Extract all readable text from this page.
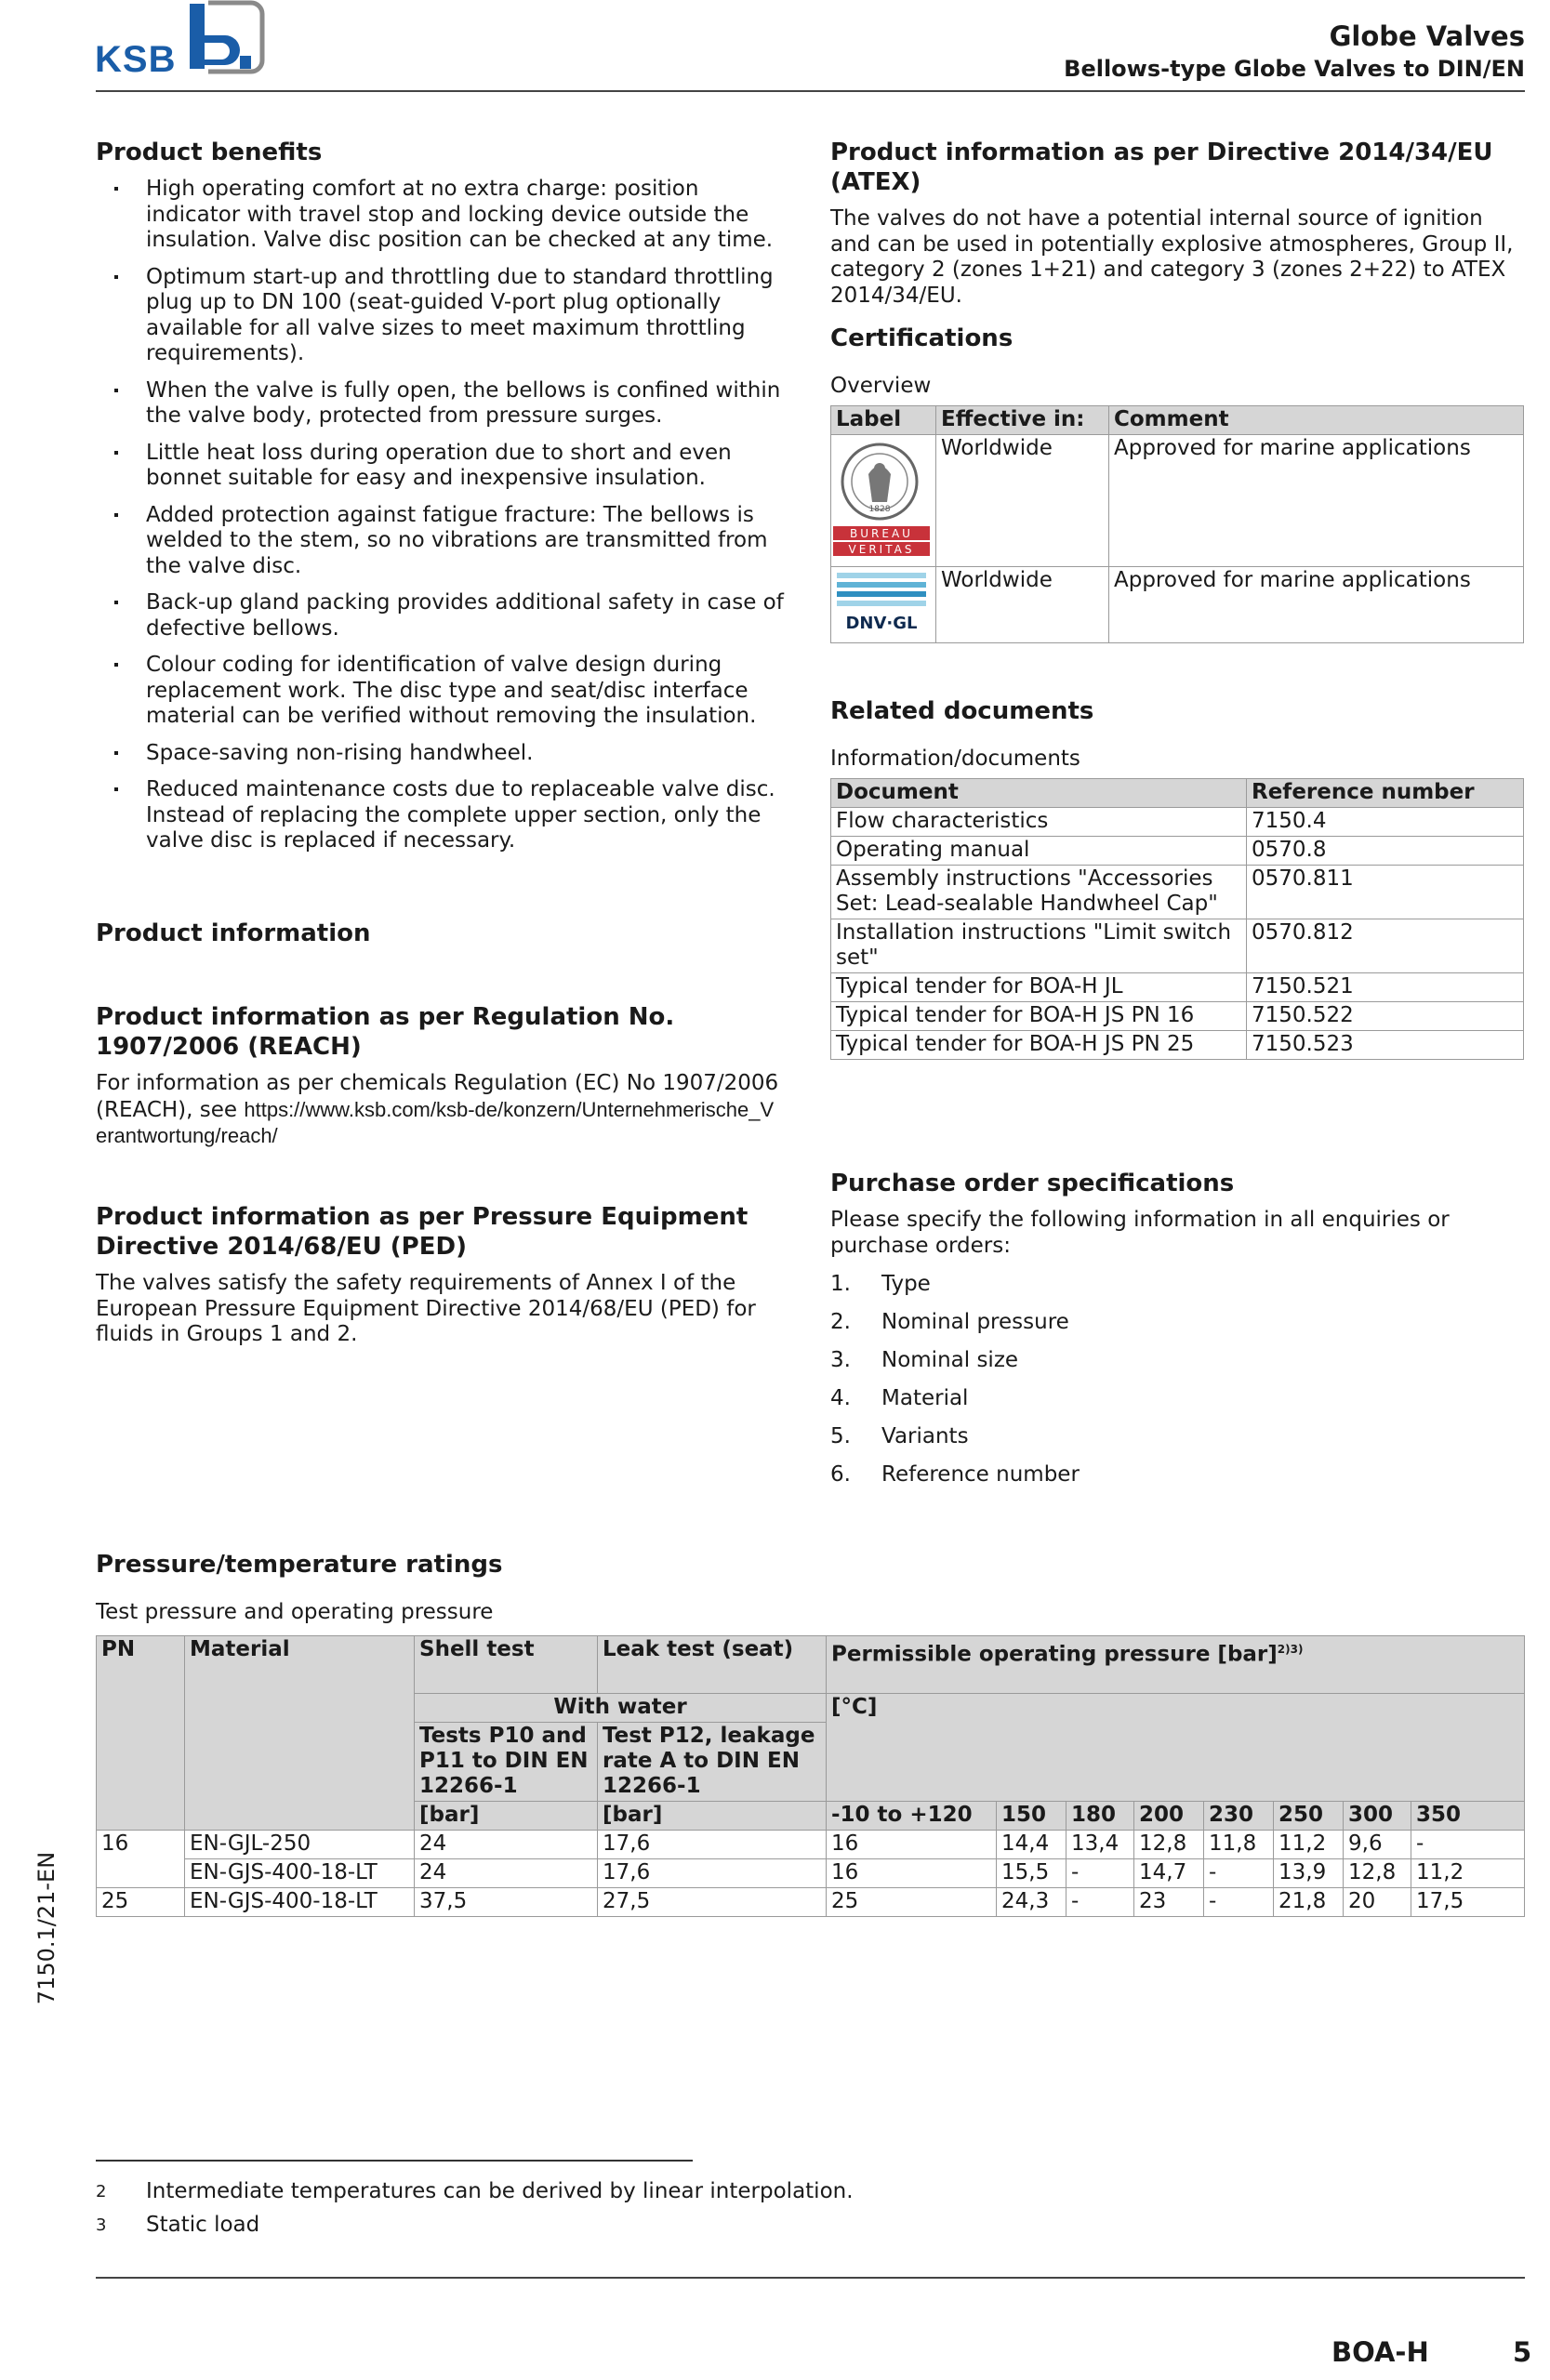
KSB
Globe Valves
Bellows-type Globe Valves to DIN/EN
Product benefits
High operating comfort at no extra charge: position indicator with travel stop and locking device outside the insulation. Valve disc position can be checked at any time.
Optimum start-up and throttling due to standard throttling plug up to DN 100 (seat-guided V-port plug optionally available for all valve sizes to meet maximum throttling requirements).
When the valve is fully open, the bellows is confined within the valve body, protected from pressure surges.
Little heat loss during operation due to short and even bonnet suitable for easy and inexpensive insulation.
Added protection against fatigue fracture: The bellows is welded to the stem, so no vibrations are transmitted from the valve disc.
Back-up gland packing provides additional safety in case of defective bellows.
Colour coding for identification of valve design during replacement work. The disc type and seat/disc interface material can be verified without removing the insulation.
Space-saving non-rising handwheel.
Reduced maintenance costs due to replaceable valve disc. Instead of replacing the complete upper section, only the valve disc is replaced if necessary.
Product information
Product information as per Regulation No. 1907/2006 (REACH)

For information as per chemicals Regulation (EC) No 1907/2006 (REACH), see https://www.ksb.com/ksb-de/konzern/Unternehmerische_Verantwortung/reach/

Product information as per Pressure Equipment Directive 2014/68/EU (PED)

The valves satisfy the safety requirements of Annex I of the European Pressure Equipment Directive 2014/68/EU (PED) for fluids in Groups 1 and 2.

Product information as per Directive 2014/34/EU (ATEX)

The valves do not have a potential internal source of ignition and can be used in potentially explosive atmospheres, Group II, category 2 (zones 1+21) and category 3 (zones 2+22) to ATEX 2014/34/EU.

Certifications
Overview
Label	Effective in:	Comment

1828
BUREAU
VERITAS	Worldwide	Approved for marine applications

DNV·GL	Worldwide	Approved for marine applications
Related documents
Information/documents
Document	Reference number
Flow characteristics	7150.4
Operating manual	0570.8
Assembly instructions "Accessories Set: Lead-sealable Handwheel Cap"	0570.811
Installation instructions "Limit switch set"	0570.812
Typical tender for BOA-H JL	7150.521
Typical tender for BOA-H JS PN 16	7150.522
Typical tender for BOA-H JS PN 25	7150.523
Purchase order specifications

Please specify the following information in all enquiries or purchase orders:

1.	Type
2.	Nominal pressure
3.	Nominal size
4.	Material
5.	Variants
6.	Reference number
Pressure/temperature ratings
Test pressure and operating pressure
PN	Material	Shell test	Leak test (seat)	Permissible operating pressure [bar]$^{2)3)}$
		With water		[°C]							
		Tests P10 and P11 to DIN EN 12266-1	Test P12, leakage rate A to DIN EN 12266-1								
		[bar]	[bar]	-10 to +120	150	180	200	230	250	300	350
16	EN-GJL-250	24	17,6	16	14,4	13,4	12,8	11,8	11,2	9,6	-
	EN-GJS-400-18-LT	24	17,6	16	15,5	-	14,7	-	13,9	12,8	11,2
25	EN-GJS-400-18-LT	37,5	27,5	25	24,3	-	23	-	21,8	20	17,5
7150.1/21-EN
2 Intermediate temperatures can be derived by linear interpolation.
3 Static load
BOA-H	5
